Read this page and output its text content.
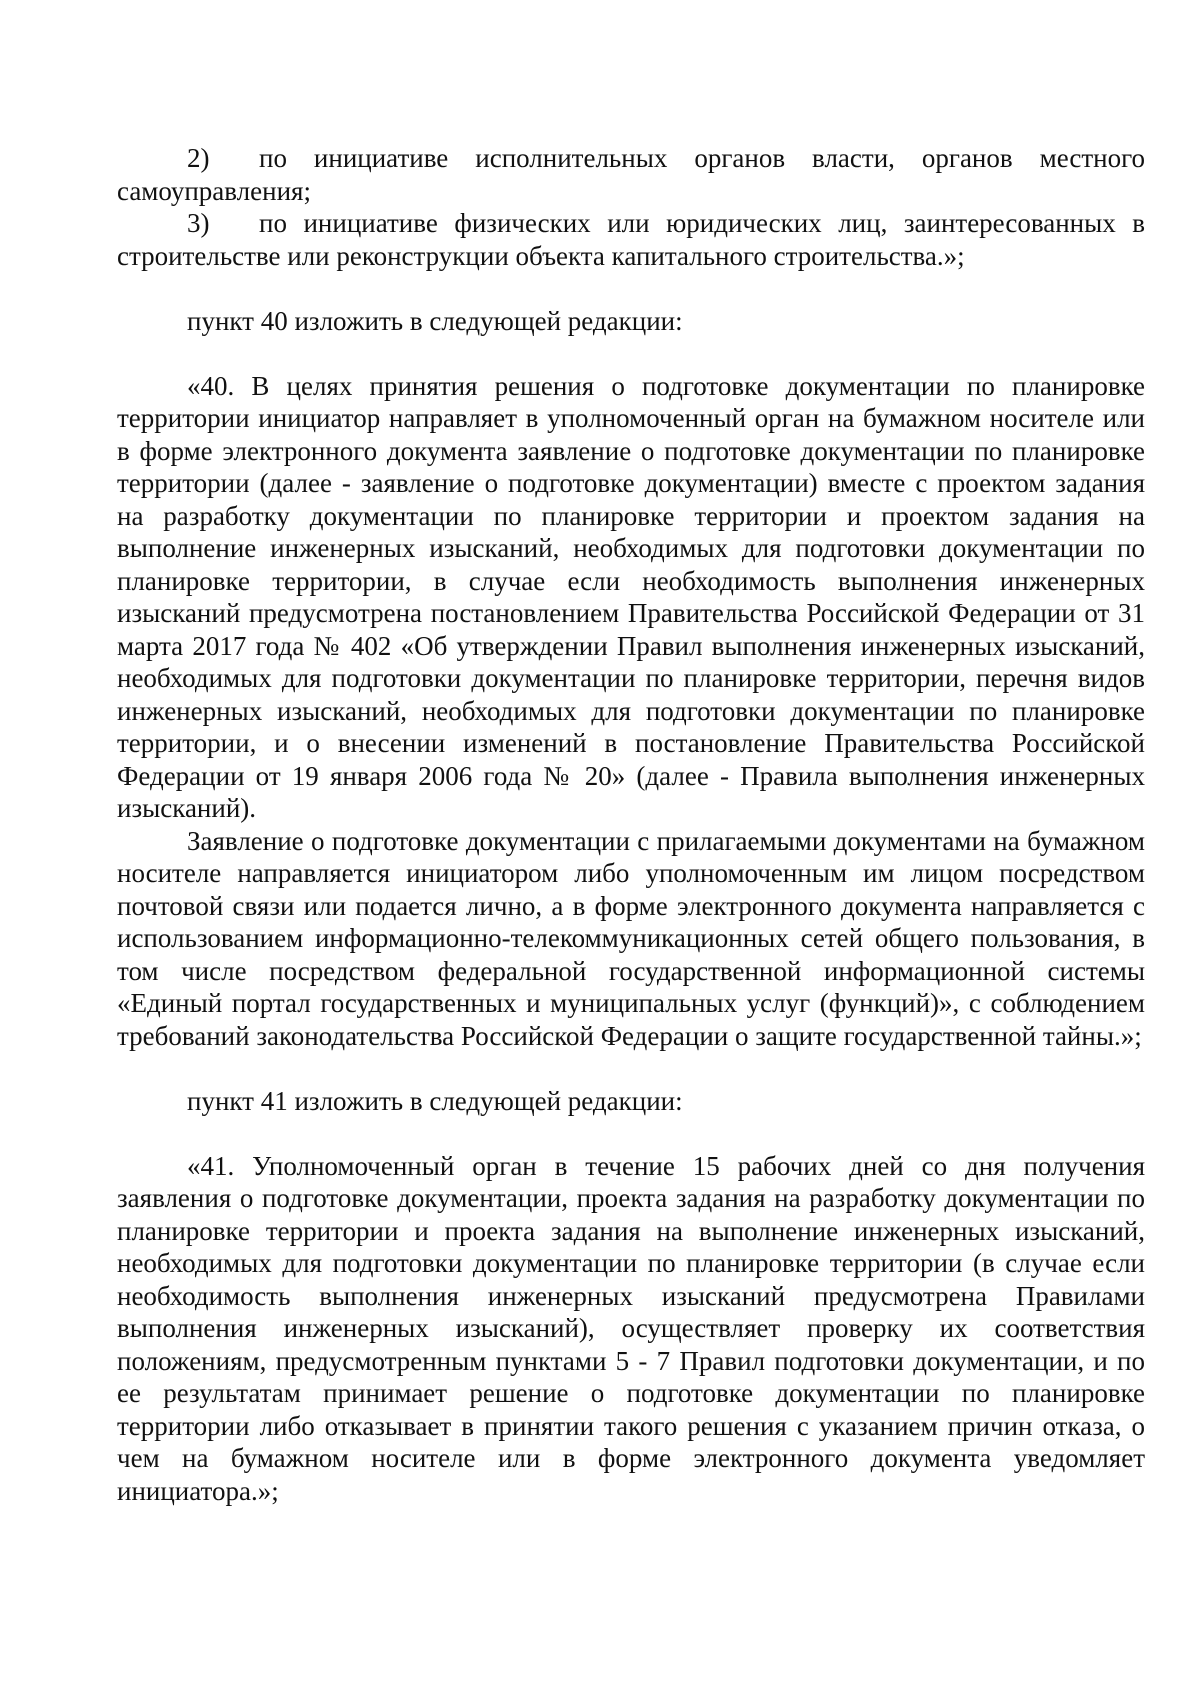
2) по инициативе исполнительных органов власти, органов местного самоуправления;

3) по инициативе физических или юридических лиц, заинтересованных в строительстве или реконструкции объекта капитального строительства.»;

пункт 40 изложить в следующей редакции:

«40. В целях принятия решения о подготовке документации по планировке территории инициатор направляет в уполномоченный орган на бумажном носителе или в форме электронного документа заявление о подготовке документации по планировке территории (далее - заявление о подготовке документации) вместе с проектом задания на разработку документации по планировке территории и проектом задания на выполнение инженерных изысканий, необходимых для подготовки документации по планировке территории, в случае если необходимость выполнения инженерных изысканий предусмотрена постановлением Правительства Российской Федерации от 31 марта 2017 года № 402 «Об утверждении Правил выполнения инженерных изысканий, необходимых для подготовки документации по планировке территории, перечня видов инженерных изысканий, необходимых для подготовки документации по планировке территории, и о внесении изменений в постановление Правительства Российской Федерации от 19 января 2006 года № 20» (далее - Правила выполнения инженерных изысканий).

Заявление о подготовке документации с прилагаемыми документами на бумажном носителе направляется инициатором либо уполномоченным им лицом посредством почтовой связи или подается лично, а в форме электронного документа направляется с использованием информационно-телекоммуникационных сетей общего пользования, в том числе посредством федеральной государственной информационной системы «Единый портал государственных и муниципальных услуг (функций)», с соблюдением требований законодательства Российской Федерации о защите государственной тайны.»;

пункт 41 изложить в следующей редакции:

«41. Уполномоченный орган в течение 15 рабочих дней со дня получения заявления о подготовке документации, проекта задания на разработку документации по планировке территории и проекта задания на выполнение инженерных изысканий, необходимых для подготовки документации по планировке территории (в случае если необходимость выполнения инженерных изысканий предусмотрена Правилами выполнения инженерных изысканий), осуществляет проверку их соответствия положениям, предусмотренным пунктами 5 - 7 Правил подготовки документации, и по ее результатам принимает решение о подготовке документации по планировке территории либо отказывает в принятии такого решения с указанием причин отказа, о чем на бумажном носителе или в форме электронного документа уведомляет инициатора.»;
